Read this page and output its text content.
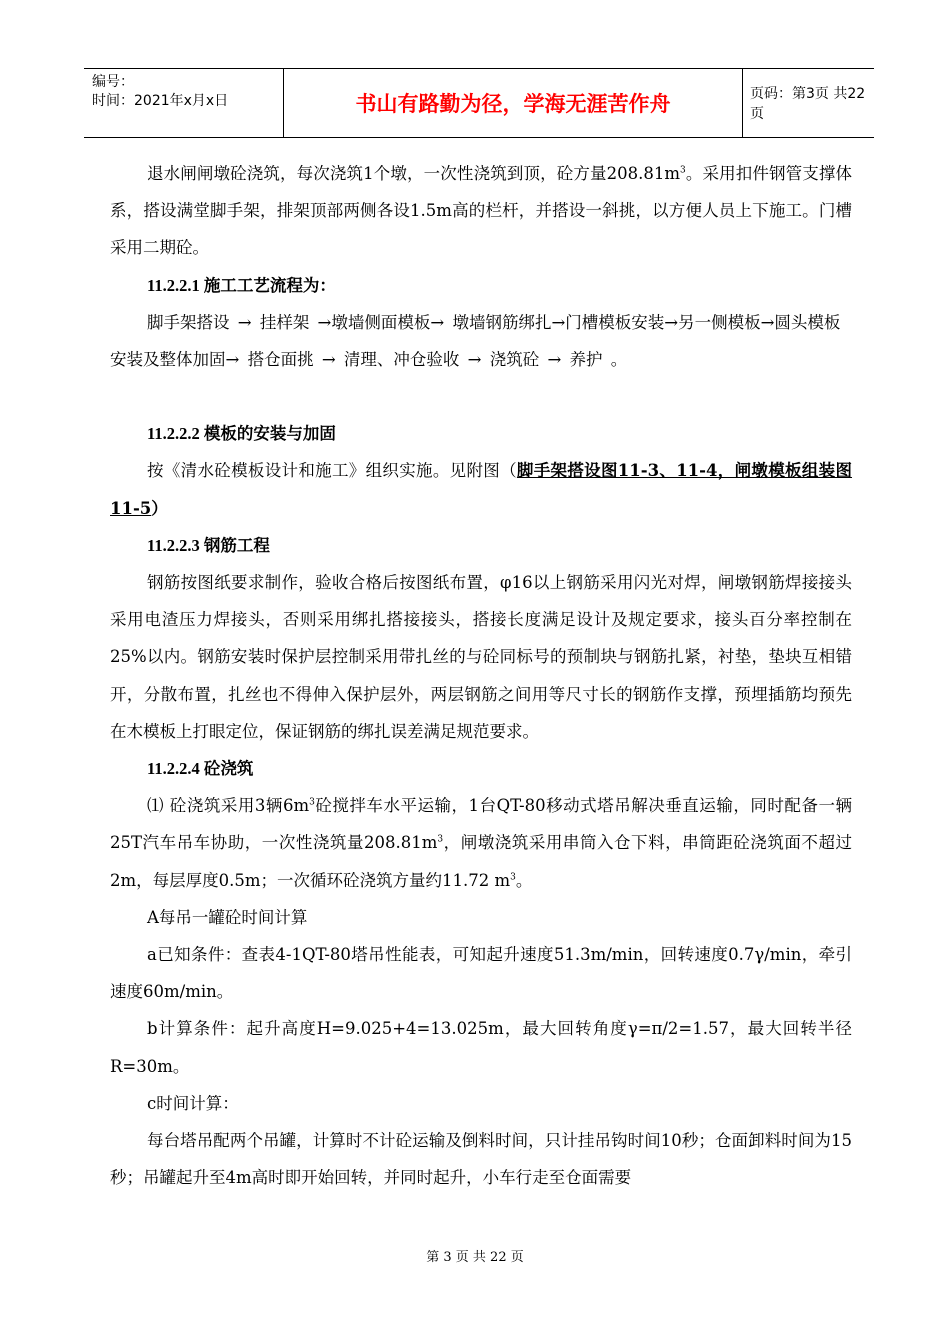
编号：
时间：2021年x月x日	书山有路勤为径，学海无涯苦作舟	页码：第3页 共22页

退水闸闸墩砼浇筑，每次浇筑1个墩，一次性浇筑到顶，砼方量$208.81m^3$。采用扣件钢管支撑体系，搭设满堂脚手架，排架顶部两侧各设1.5m高的栏杆，并搭设一斜挑，以方便人员上下施工。门槽采用二期砼。

11.2.2.1 施工工艺流程为：

脚手架搭设 → 挂样架 →墩墙侧面模板→ 墩墙钢筋绑扎→门槽模板安装→另一侧模板→圆头模板安装及整体加固→ 搭仓面挑 → 清理、冲仓验收 → 浇筑砼 → 养护 。

11.2.2.2 模板的安装与加固

按《清水砼模板设计和施工》组织实施。见附图（脚手架搭设图11-3、11-4，闸墩模板组装图11-5）

11.2.2.3 钢筋工程

钢筋按图纸要求制作，验收合格后按图纸布置，φ16以上钢筋采用闪光对焊，闸墩钢筋焊接接头采用电渣压力焊接头，否则采用绑扎搭接接头，搭接长度满足设计及规定要求，接头百分率控制在25%以内。钢筋安装时保护层控制采用带扎丝的与砼同标号的预制块与钢筋扎紧，衬垫，垫块互相错开，分散布置，扎丝也不得伸入保护层外，两层钢筋之间用等尺寸长的钢筋作支撑，预埋插筋均预先在木模板上打眼定位，保证钢筋的绑扎误差满足规范要求。

11.2.2.4 砼浇筑

⑴ 砼浇筑采用3辆$6m^3$砼搅拌车水平运输，1台QT-80移动式塔吊解决垂直运输，同时配备一辆25T汽车吊车协助，一次性浇筑量$208.81m^3$，闸墩浇筑采用串筒入仓下料，串筒距砼浇筑面不超过2m，每层厚度0.5m；一次循环砼浇筑方量约11.72 $m^3$。

A每吊一罐砼时间计算

a已知条件：查表4-1QT-80塔吊性能表，可知起升速度51.3m/min，回转速度0.7γ/min，牵引速度60m/min。

b计算条件：起升高度H=9.025+4=13.025m，最大回转角度γ=π/2=1.57，最大回转半径R=30m。

c时间计算：

每台塔吊配两个吊罐，计算时不计砼运输及倒料时间，只计挂吊钩时间10秒；仓面卸料时间为15秒；吊罐起升至4m高时即开始回转，并同时起升，小车行走至仓面需要

第 3 页 共 22 页
